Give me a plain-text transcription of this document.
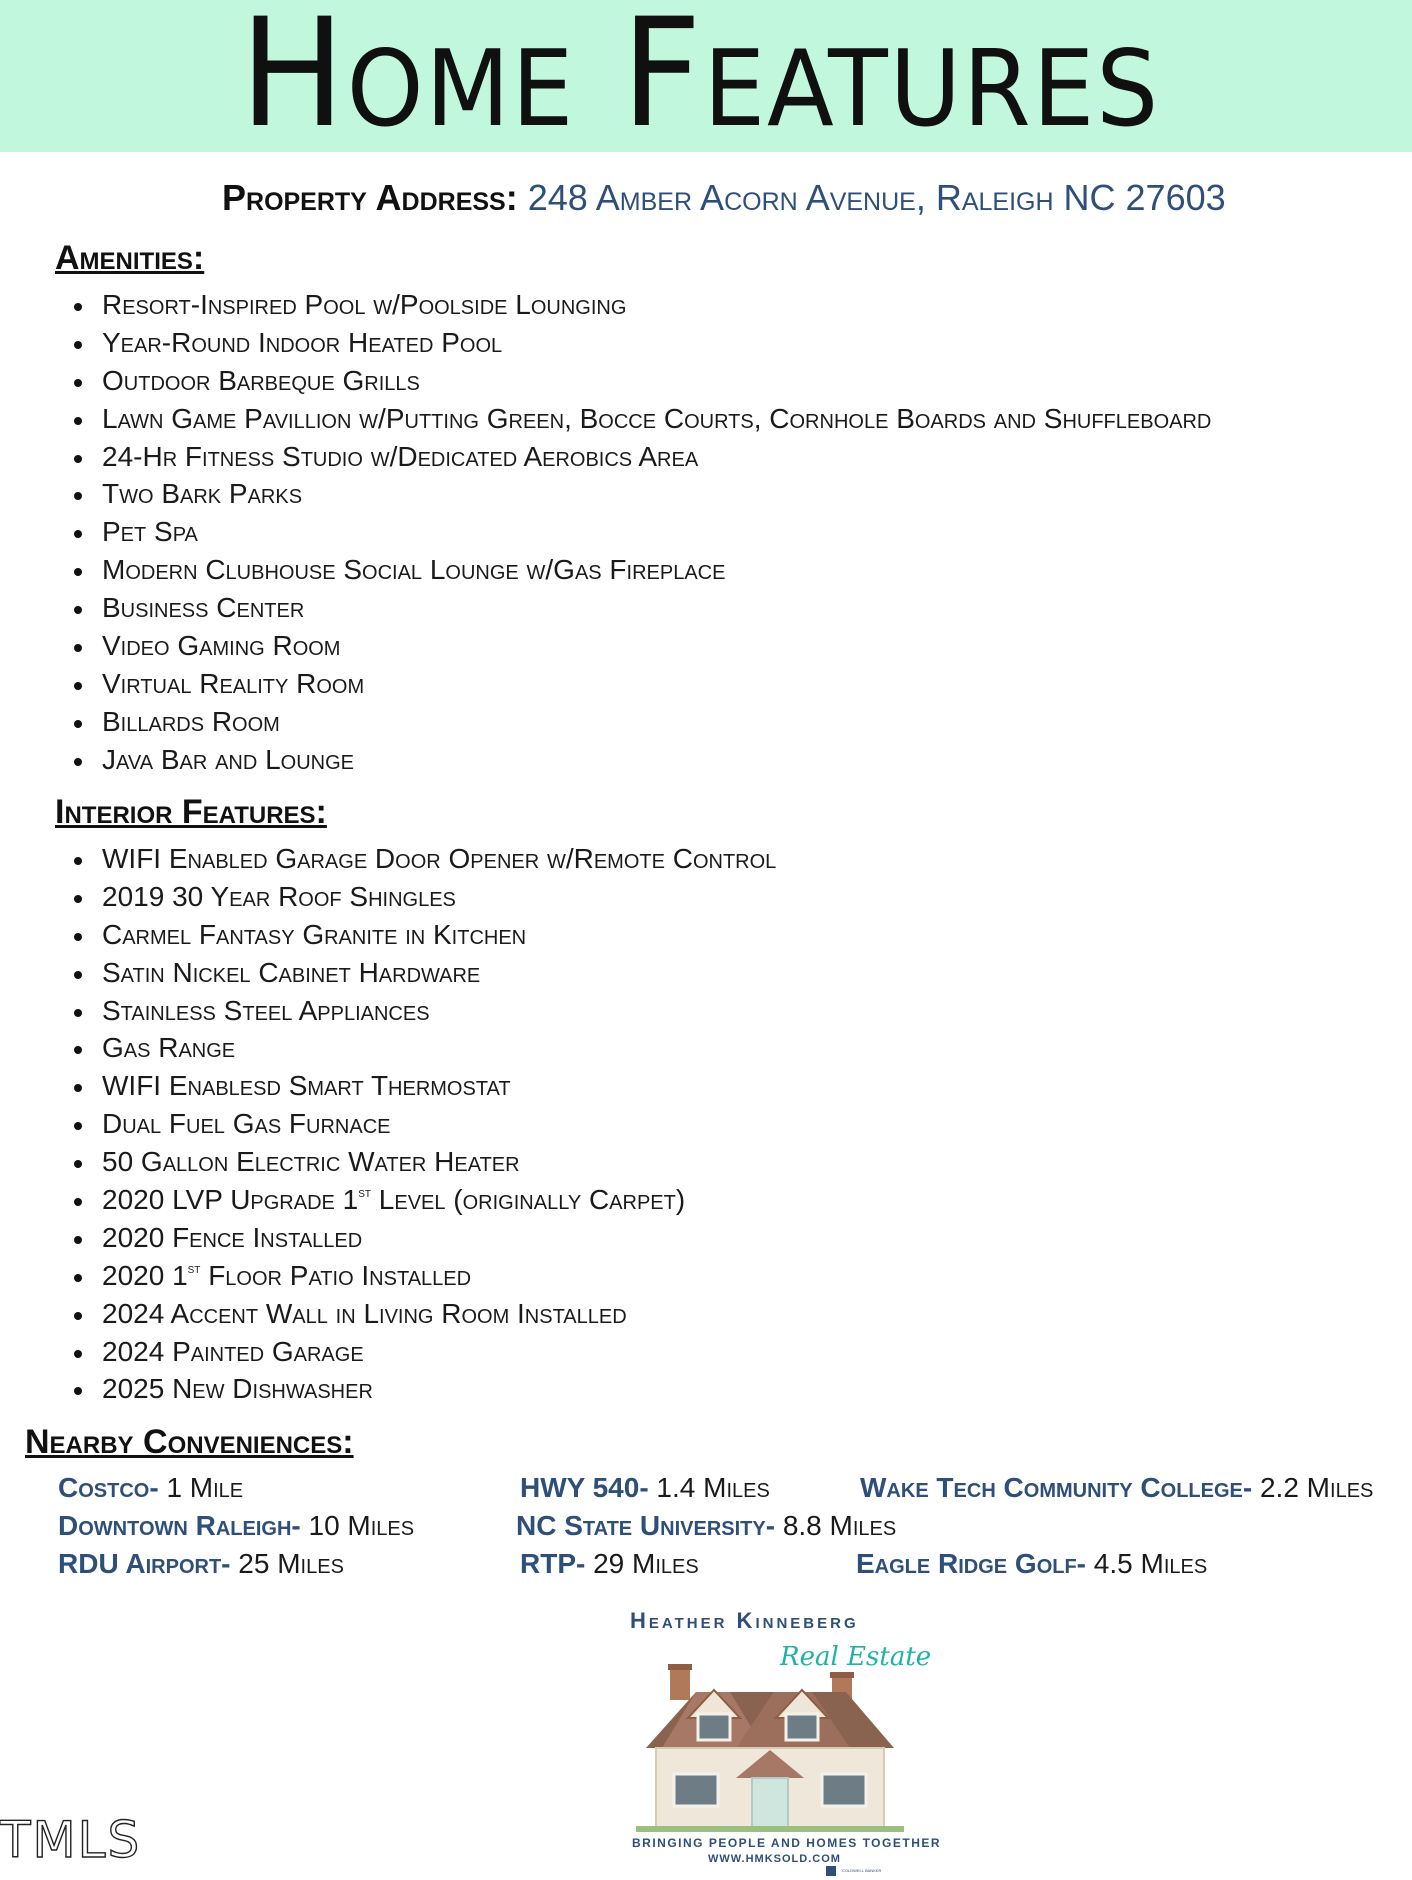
Home Features

Property Address: 248 Amber Acorn Avenue, Raleigh NC 27603

Amenities:
Resort-Inspired Pool w/Poolside Lounging
Year-Round Indoor Heated Pool
Outdoor Barbeque Grills
Lawn Game Pavillion w/Putting Green, Bocce Courts, Cornhole Boards and Shuffleboard
24-Hr Fitness Studio w/Dedicated Aerobics Area
Two Bark Parks
Pet Spa
Modern Clubhouse Social Lounge w/Gas Fireplace
Business Center
Video Gaming Room
Virtual Reality Room
Billards Room
Java Bar and Lounge
Interior Features:
WIFI Enabled Garage Door Opener w/Remote Control
2019 30 Year Roof Shingles
Carmel Fantasy Granite in Kitchen
Satin Nickel Cabinet Hardware
Stainless Steel Appliances
Gas Range
WIFI Enablesd Smart Thermostat
Dual Fuel Gas Furnace
50 Gallon Electric Water Heater
2020 LVP Upgrade 1st Level (originally Carpet)
2020 Fence Installed
2020 1st Floor Patio Installed
2024 Accent Wall in Living Room Installed
2024 Painted Garage
2025 New Dishwasher
Nearby Conveniences:
Costco- 1 Mile	HWY 540- 1.4 Miles	Wake Tech Community College- 2.2 Miles
Downtown Raleigh- 10 Miles	NC State University- 8.8 Miles
RDU Airport- 25 Miles	RTP- 29 Miles	Eagle Ridge Golf- 4.5 Miles
Heather Kinneberg
Real Estate
BRINGING PEOPLE AND HOMES TOGETHER
WWW.HMKSOLD.COM
COLDWELL BANKER
TMLS
